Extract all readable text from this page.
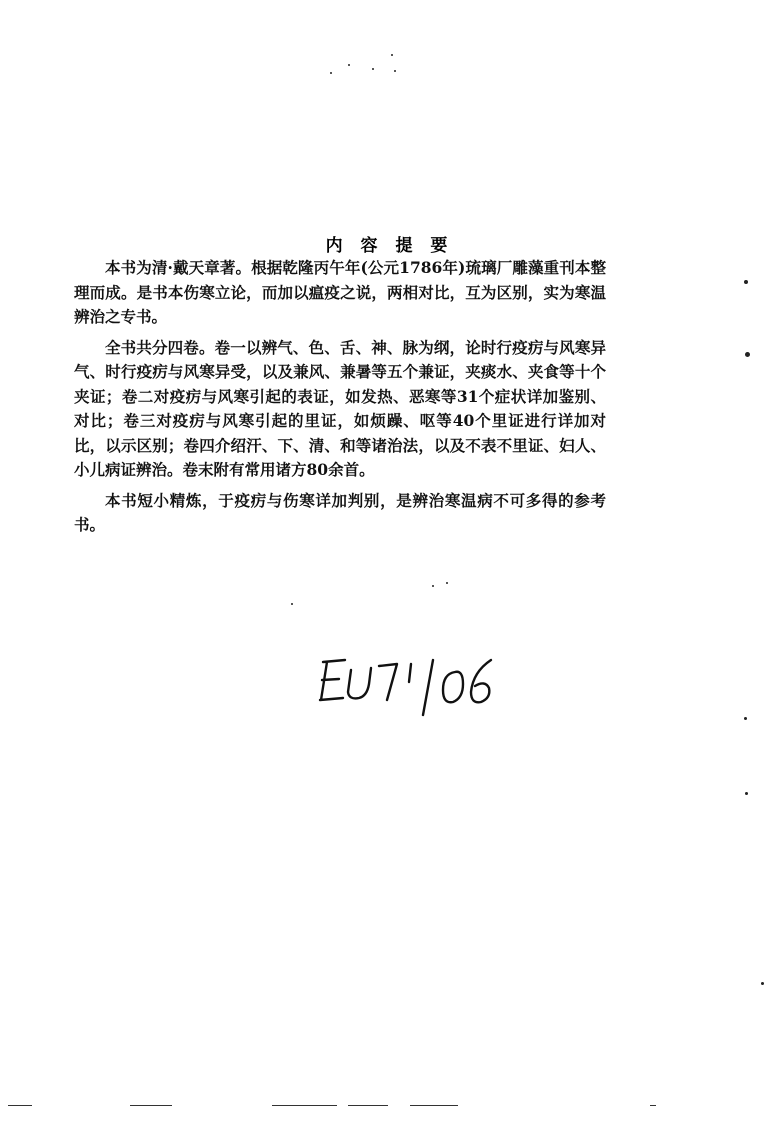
内 容 提 要

本书为清·戴天章著。根据乾隆丙午年(公元1786年)琉璃厂雕藻重刊本整理而成。是书本伤寒立论，而加以瘟疫之说，两相对比，互为区别，实为寒温辨治之专书。

全书共分四卷。卷一以辨气、色、舌、神、脉为纲，论时行疫疠与风寒异气、时行疫疠与风寒异受，以及兼风、兼暑等五个兼证，夹痰水、夹食等十个夹证；卷二对疫疠与风寒引起的表证，如发热、恶寒等31个症状详加鉴别、对比；卷三对疫疠与风寒引起的里证，如烦躁、呕等40个里证进行详加对比，以示区别；卷四介绍汗、下、清、和等诸治法，以及不表不里证、妇人、小儿病证辨治。卷末附有常用诸方80余首。

本书短小精炼，于疫疠与伤寒详加判别，是辨治寒温病不可多得的参考书。
